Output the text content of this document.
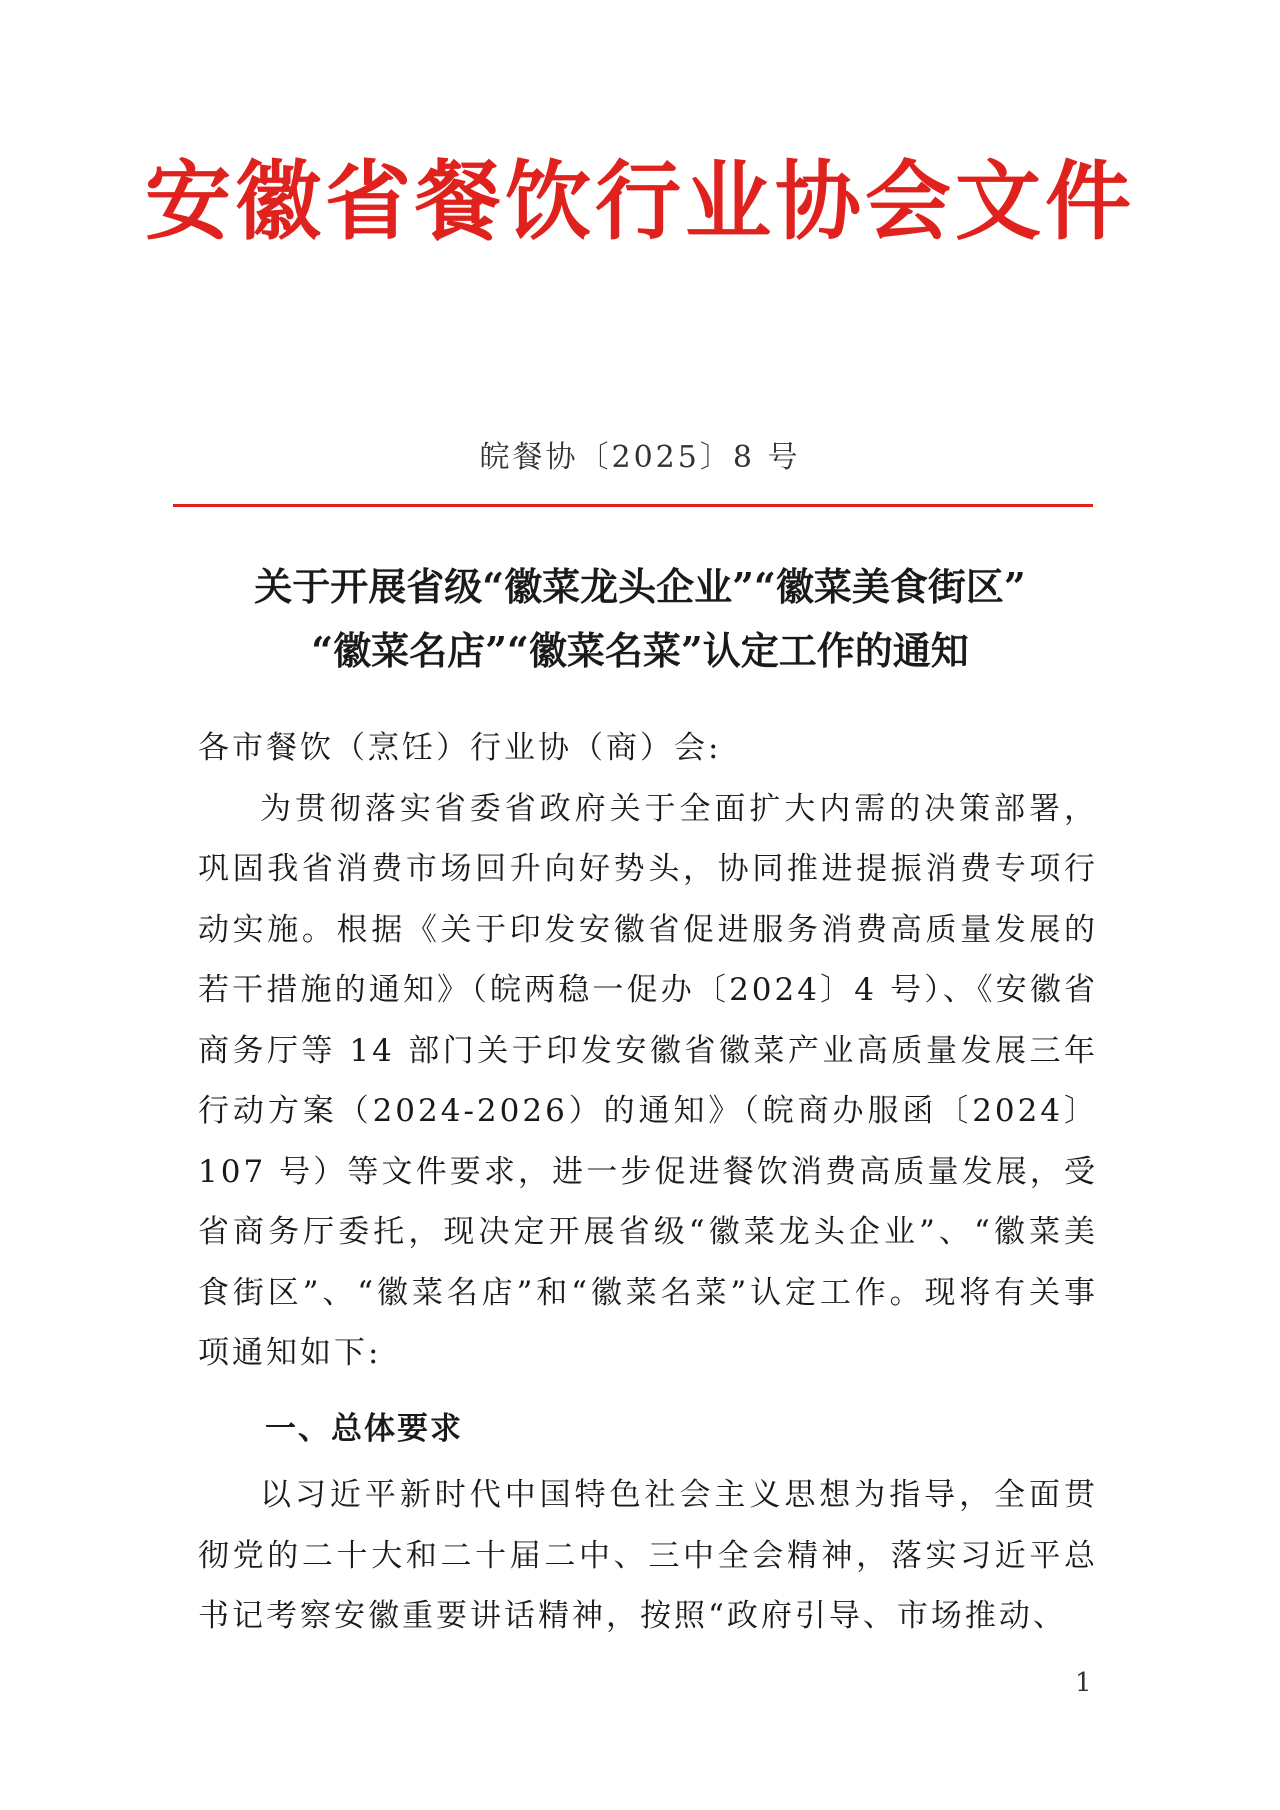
安徽省餐饮行业协会文件
皖餐协〔2025〕8 号
关于开展省级“徽菜龙头企业”“徽菜美食街区”
“徽菜名店”“徽菜名菜”认定工作的通知
各市餐饮（烹饪）行业协（商）会:
为贯彻落实省委省政府关于全面扩大内需的决策部署，巩固我省消费市场回升向好势头，协同推进提振消费专项行动实施。根据《关于印发安徽省促进服务消费高质量发展的若干措施的通知》（皖两稳一促办〔2024〕4 号）、《安徽省商务厅等 14 部门关于印发安徽省徽菜产业高质量发展三年行动方案（2024-2026）的通知》（皖商办服函〔2024〕107 号）等文件要求，进一步促进餐饮消费高质量发展，受省商务厅委托，现决定开展省级“徽菜龙头企业”、“徽菜美食街区”、“徽菜名店”和“徽菜名菜”认定工作。现将有关事项通知如下:
一、总体要求
以习近平新时代中国特色社会主义思想为指导，全面贯彻党的二十大和二十届二中、三中全会精神，落实习近平总书记考察安徽重要讲话精神，按照“政府引导、市场推动、
1
